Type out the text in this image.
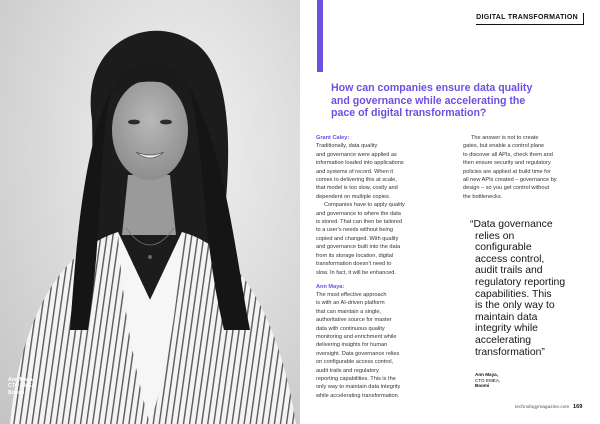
Ann Maya,
CTO EMEA,
Boomi
DIGITAL TRANSFORMATION
How can companies ensure data quality
and governance while accelerating the
pace of digital transformation?
Grant Caley:
Traditionally, data quality
and governance were applied as
information loaded into applications
and systems of record. When it
comes to delivering this at scale,
that model is too slow, costly and
dependent on multiple copies.
Companies have to apply quality
and governance to where the data
is stored. That can then be tailored
to a user's needs without being
copied and changed. With quality
and governance built into the data
from its storage location, digital
transformation doesn't need to
slow. In fact, it will be enhanced.
Ann Maya:
The most effective approach
is with an AI-driven platform
that can maintain a single,
authoritative source for master
data with continuous quality
monitoring and enrichment while
delivering insights for human
oversight. Data governance relies
on configurable access control,
audit trails and regulatory
reporting capabilities. This is the
only way to maintain data integrity
while accelerating transformation.
The answer is not to create
gates, but enable a control plane
to discover all APIs, check them and
then ensure security and regulatory
policies are applied at build time for
all new APIs created – governance by
design – so you get control without
the bottlenecks.
“Data governance
relies on
configurable
access control,
audit trails and
regulatory reporting
capabilities. This
is the only way to
maintain data
integrity while
accelerating
transformation”
Ann Maya,
CTO EMEA,
Boomi
technologymagazine.com 169
